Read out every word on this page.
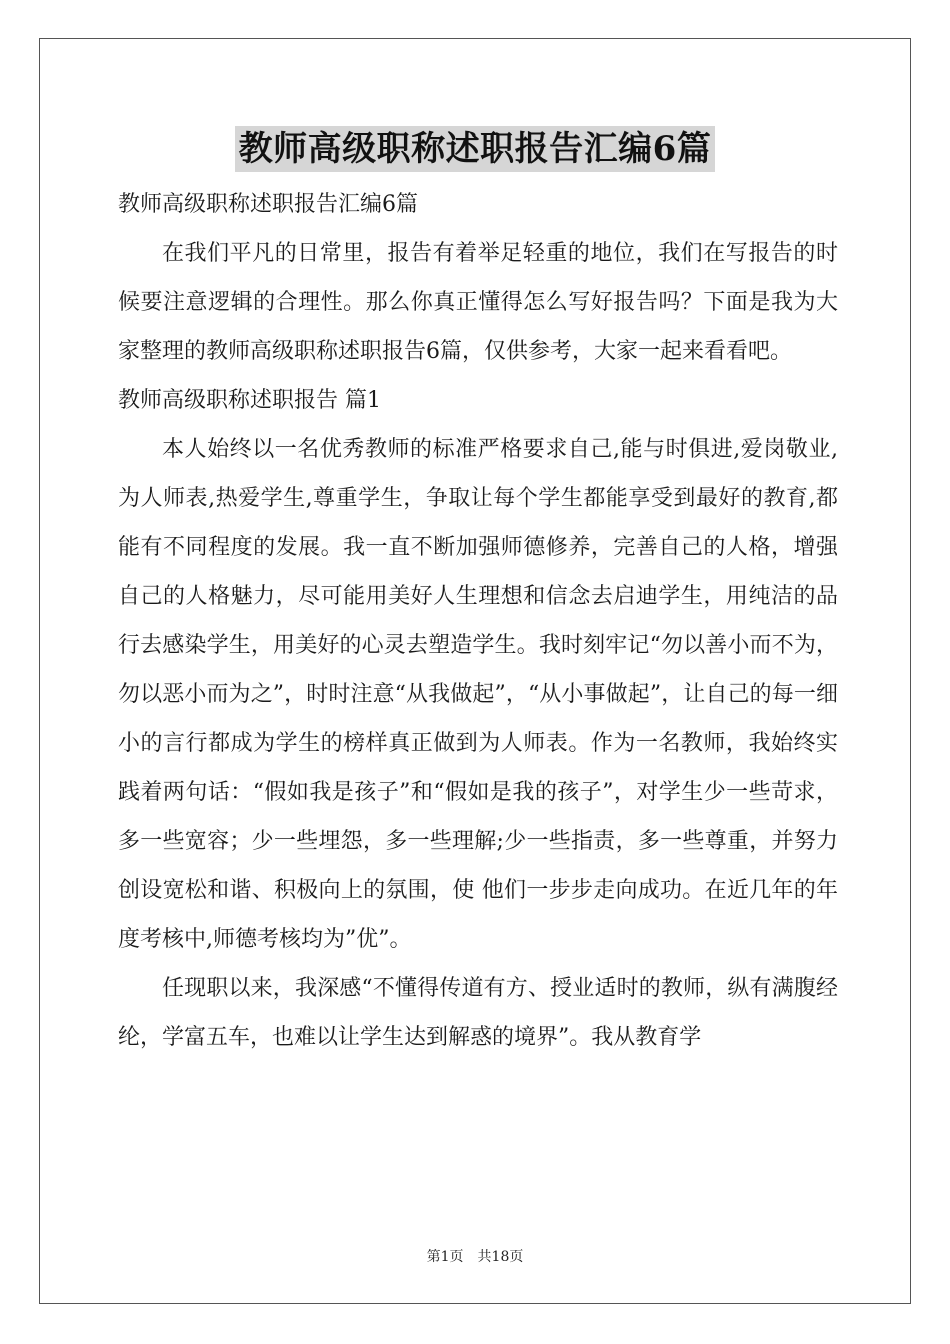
教师高级职称述职报告汇编6篇

教师高级职称述职报告汇编6篇

在我们平凡的日常里，报告有着举足轻重的地位，我们在写报告的时候要注意逻辑的合理性。那么你真正懂得怎么写好报告吗？下面是我为大家整理的教师高级职称述职报告6篇，仅供参考，大家一起来看看吧。

教师高级职称述职报告 篇1

本人始终以一名优秀教师的标准严格要求自己,能与时俱进,爱岗敬业,为人师表,热爱学生,尊重学生，争取让每个学生都能享受到最好的教育,都能有不同程度的发展。我一直不断加强师德修养，完善自己的人格，增强自己的人格魅力，尽可能用美好人生理想和信念去启迪学生，用纯洁的品行去感染学生，用美好的心灵去塑造学生。我时刻牢记“勿以善小而不为，勿以恶小而为之”，时时注意“从我做起”，“从小事做起”，让自己的每一细小的言行都成为学生的榜样真正做到为人师表。作为一名教师，我始终实践着两句话：“假如我是孩子”和“假如是我的孩子”，对学生少一些苛求，多一些宽容；少一些埋怨，多一些理解;少一些指责，多一些尊重，并努力创设宽松和谐、积极向上的氛围，使 他们一步步走向成功。在近几年的年度考核中,师德考核均为”优”。

任现职以来，我深感“不懂得传道有方、授业适时的教师，纵有满腹经纶，学富五车，也难以让学生达到解惑的境界”。我从教育学

第1页 共18页
